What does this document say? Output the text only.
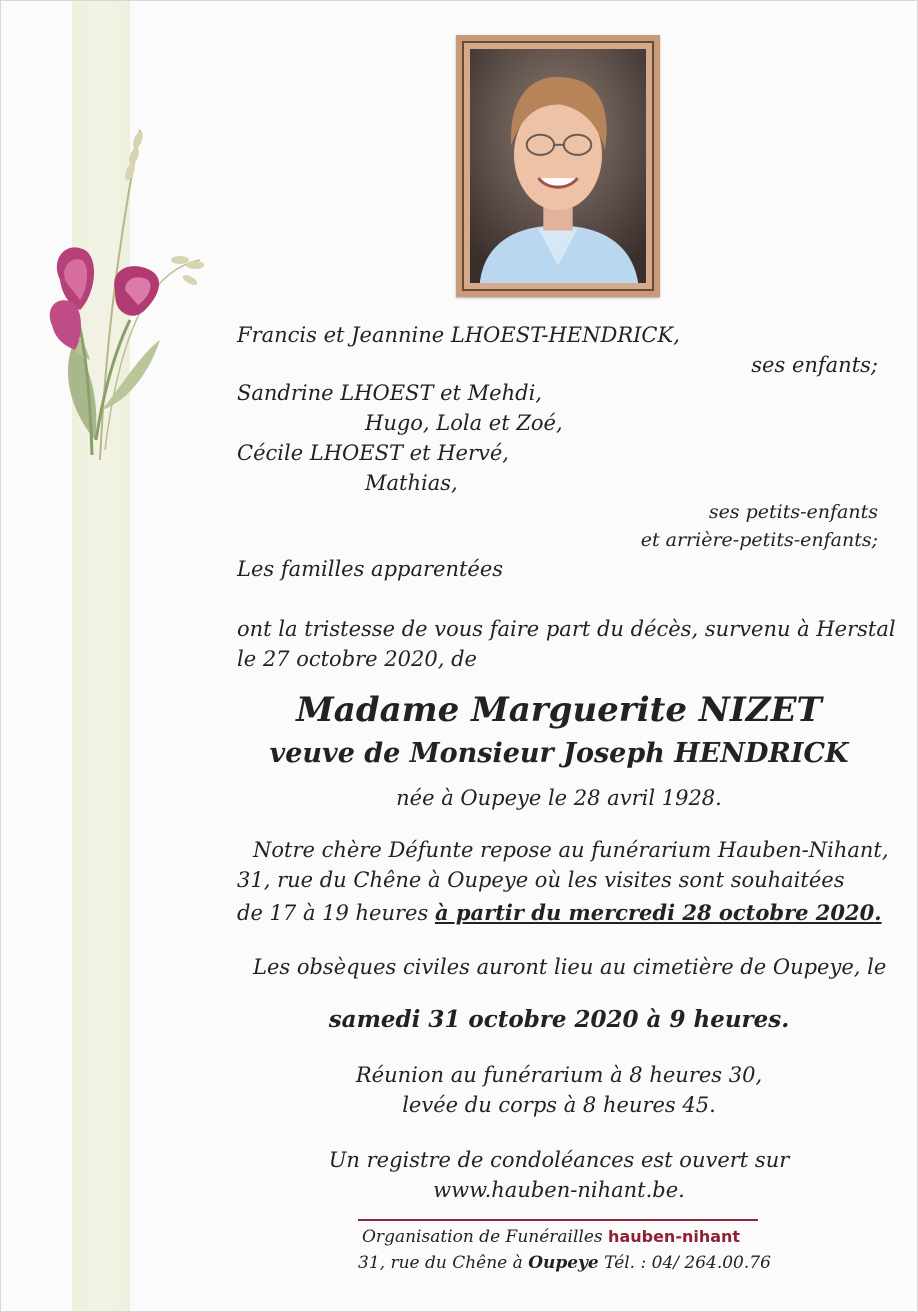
Francis et Jeannine LHOEST-HENDRICK,
ses enfants;
Sandrine LHOEST et Mehdi,
Hugo, Lola et Zoé,
Cécile LHOEST et Hervé,
Mathias,
ses petits-enfants
et arrière-petits-enfants;
Les familles apparentées
ont la tristesse de vous faire part du décès, survenu à Herstal
le 27 octobre 2020, de
Madame Marguerite NIZET
veuve de Monsieur Joseph HENDRICK
née à Oupeye le 28 avril 1928.
Notre chère Défunte repose au funérarium Hauben-Nihant,
31, rue du Chêne à Oupeye où les visites sont souhaitées
de 17 à 19 heures à partir du mercredi 28 octobre 2020.
Les obsèques civiles auront lieu au cimetière de Oupeye, le
samedi 31 octobre 2020 à 9 heures.
Réunion au funérarium à 8 heures 30,
levée du corps à 8 heures 45.
Un registre de condoléances est ouvert sur
www.hauben-nihant.be.
Organisation de Funérailles hauben-nihant
31, rue du Chêne à Oupeye Tél. : 04/ 264.00.76
